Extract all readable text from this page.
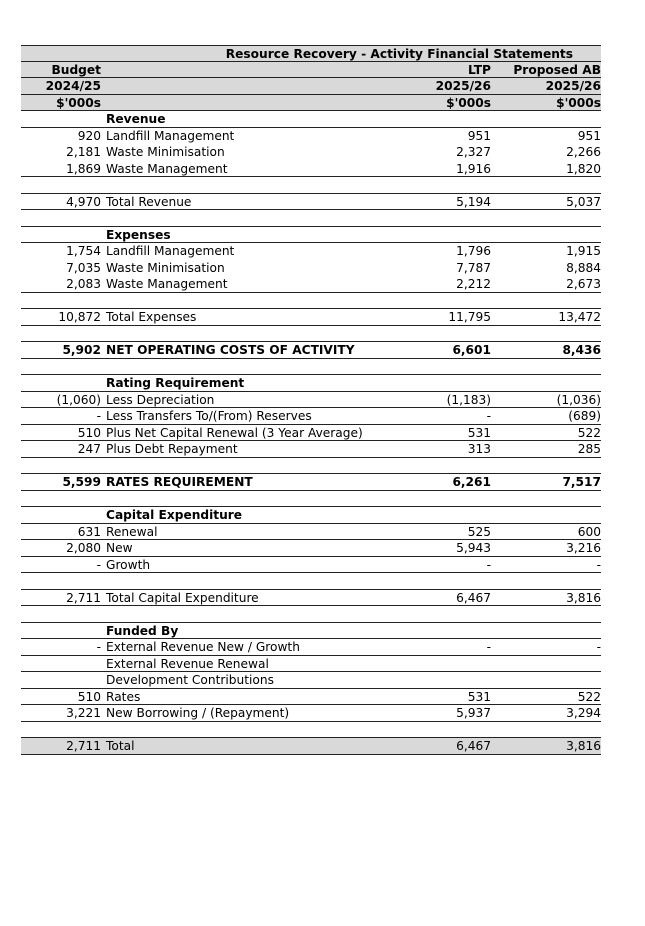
Resource Recovery - Activity Financial Statements
Budget	LTP	Proposed AB
2024/25	2025/26	2025/26
$'000s	$'000s	$'000s
Revenue
920 Landfill Management	951	951
2,181 Waste Minimisation	2,327	2,266
1,869 Waste Management	1,916	1,820
4,970 Total Revenue	5,194	5,037
Expenses
1,754 Landfill Management	1,796	1,915
7,035 Waste Minimisation	7,787	8,884
2,083 Waste Management	2,212	2,673
10,872 Total Expenses	11,795	13,472
5,902 NET OPERATING COSTS OF ACTIVITY	6,601	8,436
Rating Requirement
(1,060) Less Depreciation	(1,183)	(1,036)
- Less Transfers To/(From) Reserves	-	(689)
510 Plus Net Capital Renewal (3 Year Average)	531	522
247 Plus Debt Repayment	313	285
5,599 RATES REQUIREMENT	6,261	7,517
Capital Expenditure
631 Renewal	525	600
2,080 New	5,943	3,216
- Growth	-	-
2,711 Total Capital Expenditure	6,467	3,816
Funded By
- External Revenue New / Growth	-	-
External Revenue Renewal
Development Contributions
510 Rates	531	522
3,221 New Borrowing / (Repayment)	5,937	3,294
2,711 Total	6,467	3,816
